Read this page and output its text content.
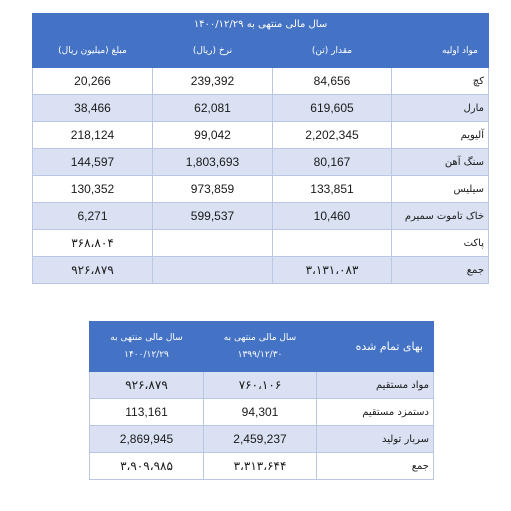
سال مالی منتهی به ۱۴۰۰/۱۲/۲۹			
مبلغ (میلیون ریال)	نرخ (ریال)	مقدار (تن)	مواد اولیه
20,266	239,392	84,656	کچ
38,466	62,081	619,605	مارل
218,124	99,042	2,202,345	آلیویم
144,597	1,803,693	80,167	سنگ آهن
130,352	973,859	133,851	سیلیس
6,271	599,537	10,460	خاک تاموت سمیرم
۳۶۸،۸۰۴			پاکت
۹۲۶،۸۷۹		۳،۱۳۱،۰۸۳	جمع
سال مالی منتهی به ۱۴۰۰/۱۲/۲۹	سال مالی منتهی به ۱۳۹۹/۱۲/۳۰	بهای تمام شده
۹۲۶،۸۷۹	۷۶۰،۱۰۶	مواد مستقیم
113,161	94,301	دستمزد مستقیم
2,869,945	2,459,237	سربار تولید
۳،۹۰۹،۹۸۵	۳،۳۱۳،۶۴۴	جمع
